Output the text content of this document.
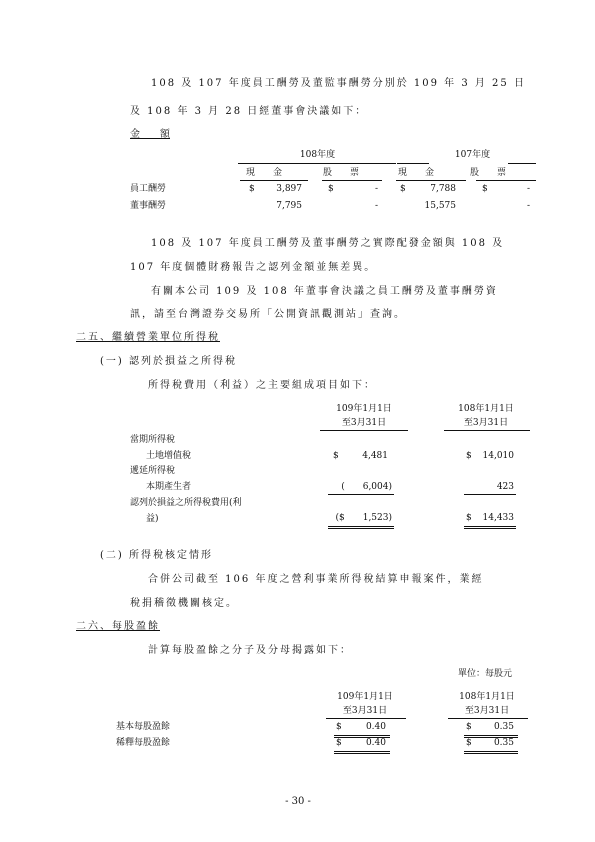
108 及 107 年度員工酬勞及董監事酬勞分別於 109 年 3 月 25 日
及 108 年 3 月 28 日經董事會決議如下：
金　　額
108年度	107年度
現　　金	股　　票	現　　金	股　　票
員工酬勞	$	3,897	$	- $	7,788	$	-
董事酬勞	7,795	-	15,575	-
108 及 107 年度員工酬勞及董事酬勞之實際配發金額與 108 及
107 年度個體財務報告之認列金額並無差異。
有關本公司 109 及 108 年董事會決議之員工酬勞及董事酬勞資
訊，請至台灣證券交易所「公開資訊觀測站」查詢。
二五、繼續營業單位所得稅
(一) 認列於損益之所得稅
所得稅費用（利益）之主要組成項目如下：
109年1月1日
至3月31日
108年1月1日
至3月31日
當期所得稅
土地增值稅	$	4,481	$	14,010
遞延所得稅
本期產生者	(　　6,004)	423
認列於損益之所得稅費用(利
益)	($　　1,523)	$	14,433
(二) 所得稅核定情形
合併公司截至 106 年度之營利事業所得稅結算申報案件，業經
稅捐稽徵機關核定。
二六、每股盈餘
計算每股盈餘之分子及分母揭露如下：
單位：每股元
109年1月1日
至3月31日
108年1月1日
至3月31日
基本每股盈餘	$	0.40	$	0.35
稀釋每股盈餘	$	0.40	$	0.35
- 30 -
